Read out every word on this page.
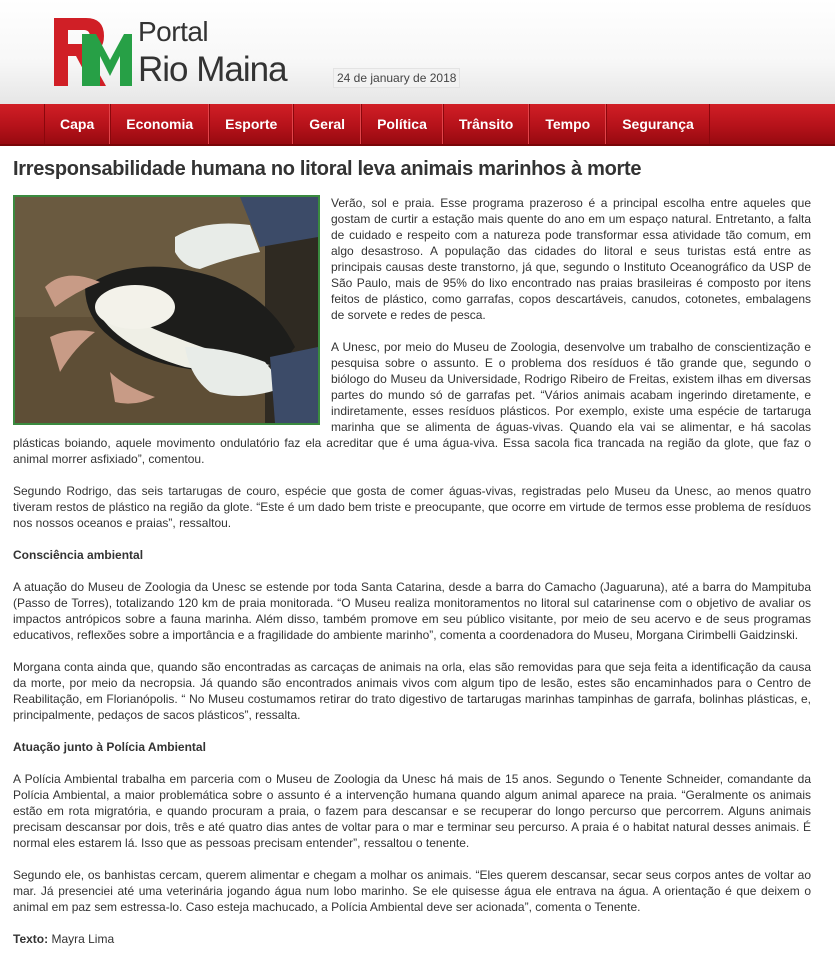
Portal
Rio Maina	24 de january de 2018
Capa	Economia	Esporte	Geral	Política	Trânsito	Tempo	Segurança
Irresponsabilidade humana no litoral leva animais marinhos à morte

Verão, sol e praia. Esse programa prazeroso é a principal escolha entre aqueles que gostam de curtir a estação mais quente do ano em um espaço natural. Entretanto, a falta de cuidado e respeito com a natureza pode transformar essa atividade tão comum, em algo desastroso. A população das cidades do litoral e seus turistas está entre as principais causas deste transtorno, já que, segundo o Instituto Oceanográfico da USP de São Paulo, mais de 95% do lixo encontrado nas praias brasileiras é composto por itens feitos de plástico, como garrafas, copos descartáveis, canudos, cotonetes, embalagens de sorvete e redes de pesca.

A Unesc, por meio do Museu de Zoologia, desenvolve um trabalho de conscientização e pesquisa sobre o assunto. E o problema dos resíduos é tão grande que, segundo o biólogo do Museu da Universidade, Rodrigo Ribeiro de Freitas, existem ilhas em diversas partes do mundo só de garrafas pet. “Vários animais acabam ingerindo diretamente, e indiretamente, esses resíduos plásticos. Por exemplo, existe uma espécie de tartaruga marinha que se alimenta de águas-vivas. Quando ela vai se alimentar, e há sacolas plásticas boiando, aquele movimento ondulatório faz ela acreditar que é uma água-viva. Essa sacola fica trancada na região da glote, que faz o animal morrer asfixiado”, comentou.

Segundo Rodrigo, das seis tartarugas de couro, espécie que gosta de comer águas-vivas, registradas pelo Museu da Unesc, ao menos quatro tiveram restos de plástico na região da glote. “Este é um dado bem triste e preocupante, que ocorre em virtude de termos esse problema de resíduos nos nossos oceanos e praias”, ressaltou.

Consciência ambiental

A atuação do Museu de Zoologia da Unesc se estende por toda Santa Catarina, desde a barra do Camacho (Jaguaruna), até a barra do Mampituba (Passo de Torres), totalizando 120 km de praia monitorada. “O Museu realiza monitoramentos no litoral sul catarinense com o objetivo de avaliar os impactos antrópicos sobre a fauna marinha. Além disso, também promove em seu público visitante, por meio de seu acervo e de seus programas educativos, reflexões sobre a importância e a fragilidade do ambiente marinho”, comenta a coordenadora do Museu, Morgana Cirimbelli Gaidzinski.

Morgana conta ainda que, quando são encontradas as carcaças de animais na orla, elas são removidas para que seja feita a identificação da causa da morte, por meio da necropsia. Já quando são encontrados animais vivos com algum tipo de lesão, estes são encaminhados para o Centro de Reabilitação, em Florianópolis. “ No Museu costumamos retirar do trato digestivo de tartarugas marinhas tampinhas de garrafa, bolinhas plásticas, e, principalmente, pedaços de sacos plásticos”, ressalta.

Atuação junto à Polícia Ambiental

A Polícia Ambiental trabalha em parceria com o Museu de Zoologia da Unesc há mais de 15 anos. Segundo o Tenente Schneider, comandante da Polícia Ambiental, a maior problemática sobre o assunto é a intervenção humana quando algum animal aparece na praia. “Geralmente os animais estão em rota migratória, e quando procuram a praia, o fazem para descansar e se recuperar do longo percurso que percorrem. Alguns animais precisam descansar por dois, três e até quatro dias antes de voltar para o mar e terminar seu percurso. A praia é o habitat natural desses animais. É normal eles estarem lá. Isso que as pessoas precisam entender”, ressaltou o tenente.

Segundo ele, os banhistas cercam, querem alimentar e chegam a molhar os animais. “Eles querem descansar, secar seus corpos antes de voltar ao mar. Já presenciei até uma veterinária jogando água num lobo marinho. Se ele quisesse água ele entrava na água. A orientação é que deixem o animal em paz sem estressa-lo. Caso esteja machucado, a Polícia Ambiental deve ser acionada”, comenta o Tenente.

Texto: Mayra Lima
